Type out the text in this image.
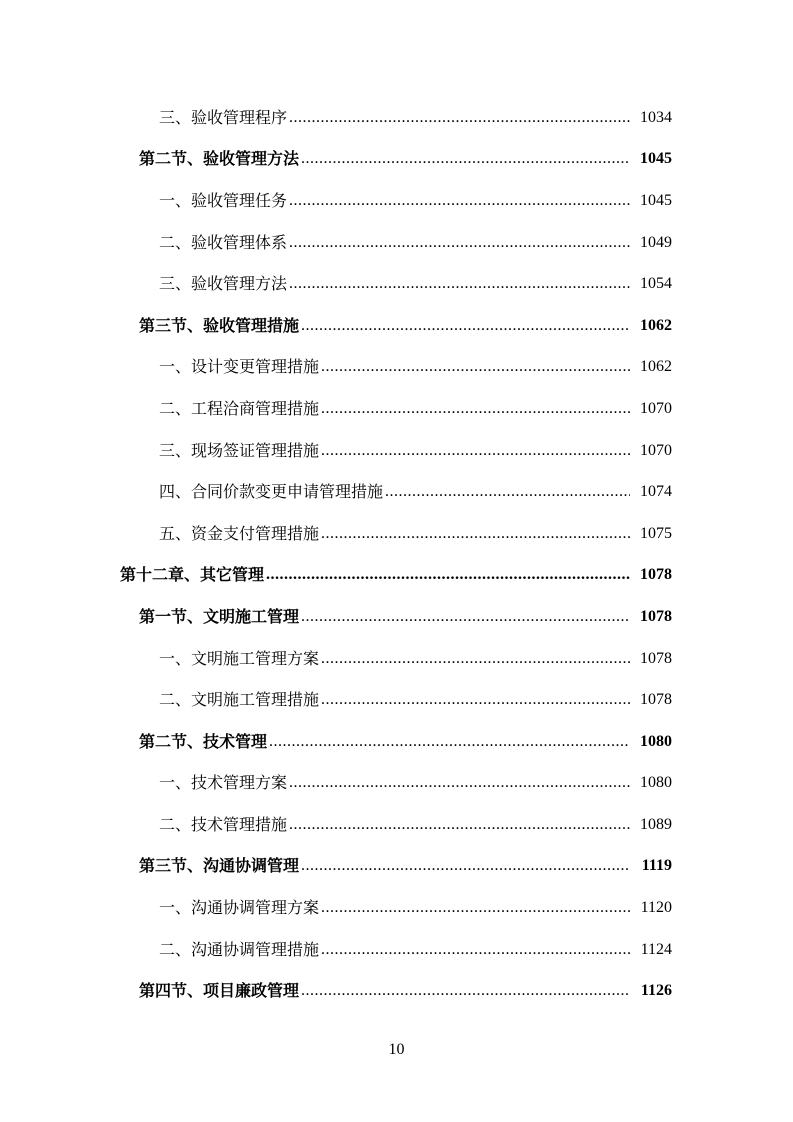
三、验收管理程序 .....	1034
第二节、验收管理方法 .....	1045
一、验收管理任务 .....	1045
二、验收管理体系 .....	1049
三、验收管理方法 .....	1054
第三节、验收管理措施 .....	1062
一、设计变更管理措施 .....	1062
二、工程洽商管理措施 .....	1070
三、现场签证管理措施 .....	1070
四、合同价款变更申请管理措施 .....	1074
五、资金支付管理措施 .....	1075
第十二章、其它管理 .....	1078
第一节、文明施工管理 .....	1078
一、文明施工管理方案 .....	1078
二、文明施工管理措施 .....	1078
第二节、技术管理 .....	1080
一、技术管理方案 .....	1080
二、技术管理措施 .....	1089
第三节、沟通协调管理 .....	1119
一、沟通协调管理方案 .....	1120
二、沟通协调管理措施 .....	1124
第四节、项目廉政管理 .....	1126
10
